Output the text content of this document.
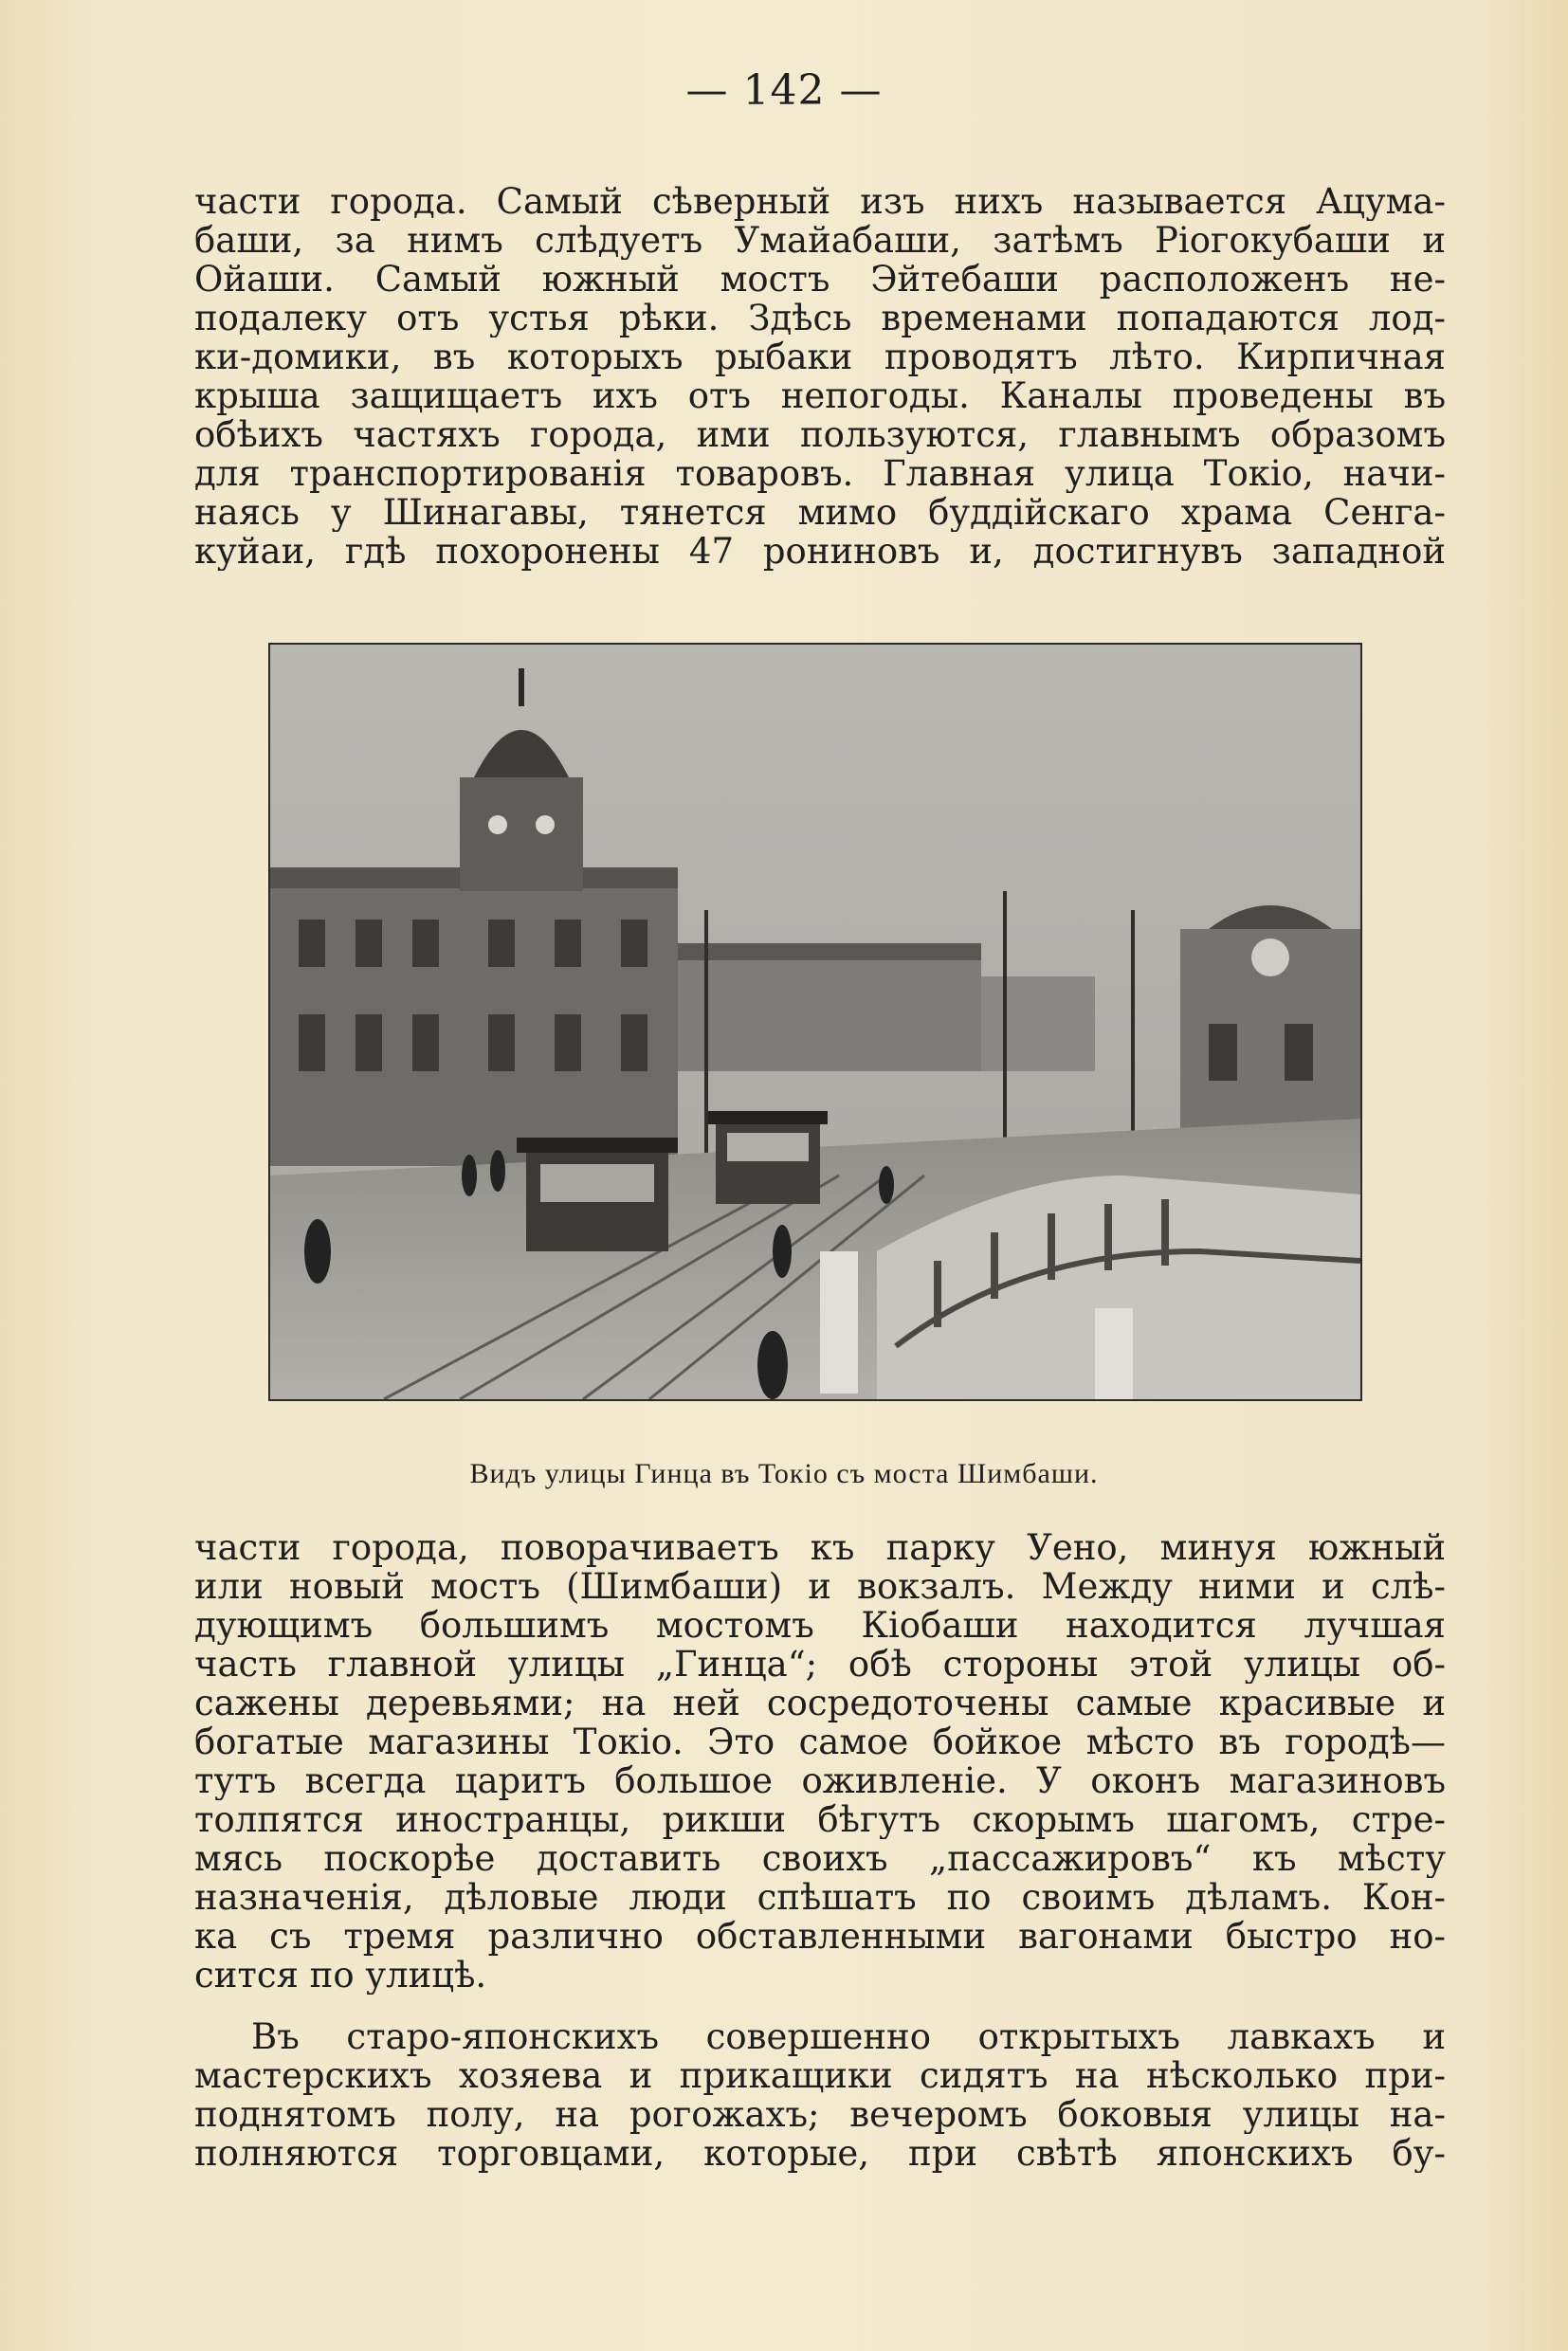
— 142 —
части города. Самый сѣверный изъ нихъ называется Ацума-
баши, за нимъ слѣдуетъ Умайабаши, затѣмъ Ріогокубаши и
Ойаши. Самый южный мостъ Эйтебаши расположенъ не-
подалеку отъ устья рѣки. Здѣсь временами попадаются лод-
ки-домики, въ которыхъ рыбаки проводятъ лѣто. Кирпичная
крыша защищаетъ ихъ отъ непогоды. Каналы проведены въ
обѣихъ частяхъ города, ими пользуются, главнымъ образомъ
для транспортированія товаровъ. Главная улица Токіо, начи-
наясь у Шинагавы, тянется мимо буддійскаго храма Сенга-
куйаи, гдѣ похоронены 47 рониновъ и, достигнувъ западной
Видъ улицы Гинца въ Токіо съ моста Шимбаши.
части города, поворачиваетъ къ парку Уено, минуя южный
или новый мостъ (Шимбаши) и вокзалъ. Между ними и слѣ-
дующимъ большимъ мостомъ Кіобаши находится лучшая
часть главной улицы „Гинца“; обѣ стороны этой улицы об-
сажены деревьями; на ней сосредоточены самые красивые и
богатые магазины Токіо. Это самое бойкое мѣсто въ городѣ—
тутъ всегда царитъ большое оживленіе. У оконъ магазиновъ
толпятся иностранцы, рикши бѣгутъ скорымъ шагомъ, стре-
мясь поскорѣе доставить своихъ „пассажировъ“ къ мѣсту
назначенія, дѣловые люди спѣшатъ по своимъ дѣламъ. Кон-
ка съ тремя различно обставленными вагонами быстро но-
сится по улицѣ.
Въ старо-японскихъ совершенно открытыхъ лавкахъ и
мастерскихъ хозяева и прикащики сидятъ на нѣсколько при-
поднятомъ полу, на рогожахъ; вечеромъ боковыя улицы на-
полняются торговцами, которые, при свѣтѣ японскихъ бу-
